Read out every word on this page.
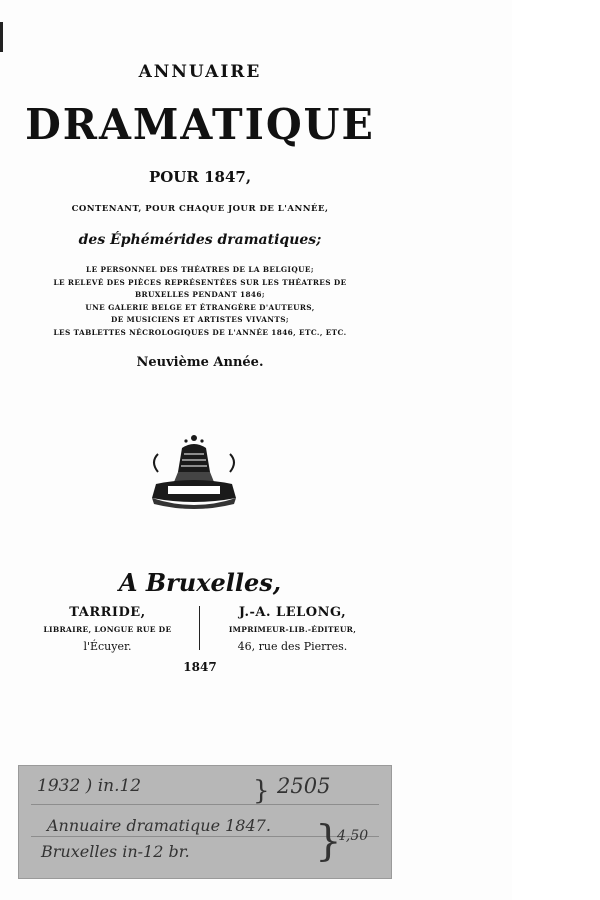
ANNUAIRE
DRAMATIQUE
POUR 1847,
CONTENANT, POUR CHAQUE JOUR DE L'ANNÉE,
des Éphémérides dramatiques;
LE PERSONNEL DES THÉATRES DE LA BELGIQUE;
LE RELEVÉ DES PIÈCES REPRÉSENTÉES SUR LES THÉATRES DE
BRUXELLES PENDANT 1846;
UNE GALERIE BELGE ET ÉTRANGÈRE D'AUTEURS,
DE MUSICIENS ET ARTISTES VIVANTS;
LES TABLETTES NÉCROLOGIQUES DE L'ANNÉE 1846, ETC., ETC.
Neuvième Année.
A Bruxelles,
TARRIDE,
LIBRAIRE, LONGUE RUE DE
l'Écuyer.
J.-A. LELONG,
IMPRIMEUR-LIB.-ÉDITEUR,
46, rue des Pierres.
1847
1932 ) in.12	} 2505
Annuaire dramatique 1847.
Bruxelles in-12 br.	}
4,50
